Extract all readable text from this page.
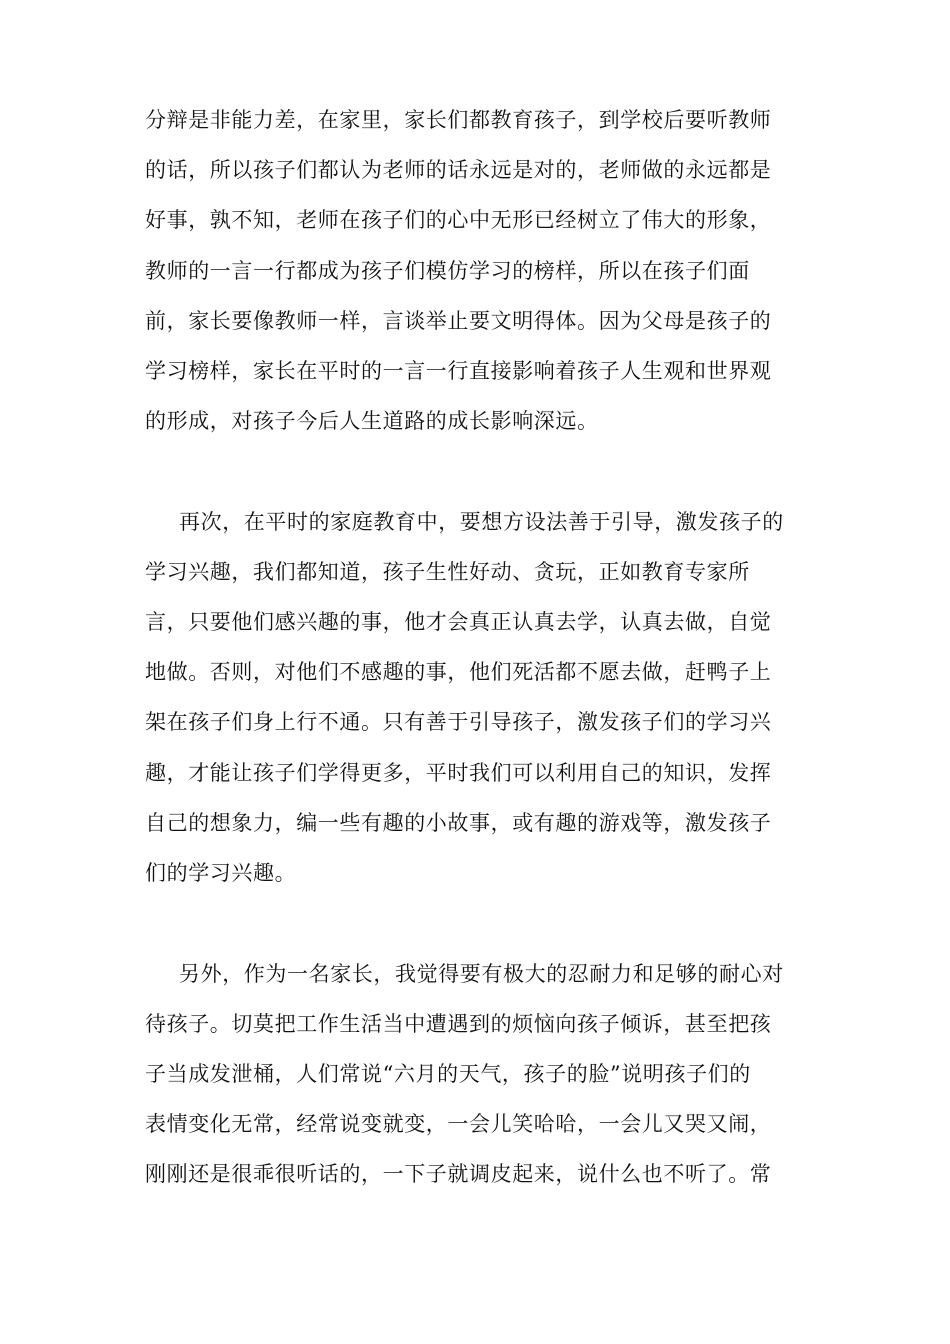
分辩是非能力差，在家里，家长们都教育孩子，到学校后要听教师
的话，所以孩子们都认为老师的话永远是对的，老师做的永远都是
好事，孰不知，老师在孩子们的心中无形已经树立了伟大的形象，
教师的一言一行都成为孩子们模仿学习的榜样，所以在孩子们面
前，家长要像教师一样，言谈举止要文明得体。因为父母是孩子的
学习榜样，家长在平时的一言一行直接影响着孩子人生观和世界观
的形成，对孩子今后人生道路的成长影响深远。
再次，在平时的家庭教育中，要想方设法善于引导，激发孩子的
学习兴趣，我们都知道，孩子生性好动、贪玩，正如教育专家所
言，只要他们感兴趣的事，他才会真正认真去学，认真去做，自觉
地做。否则，对他们不感趣的事，他们死活都不愿去做，赶鸭子上
架在孩子们身上行不通。只有善于引导孩子，激发孩子们的学习兴
趣，才能让孩子们学得更多，平时我们可以利用自己的知识，发挥
自己的想象力，编一些有趣的小故事，或有趣的游戏等，激发孩子
们的学习兴趣。
另外，作为一名家长，我觉得要有极大的忍耐力和足够的耐心对
待孩子。切莫把工作生活当中遭遇到的烦恼向孩子倾诉，甚至把孩
子当成发泄桶，人们常说“六月的天气，孩子的脸”说明孩子们的
表情变化无常，经常说变就变，一会儿笑哈哈，一会儿又哭又闹，
刚刚还是很乖很听话的，一下子就调皮起来，说什么也不听了。常
